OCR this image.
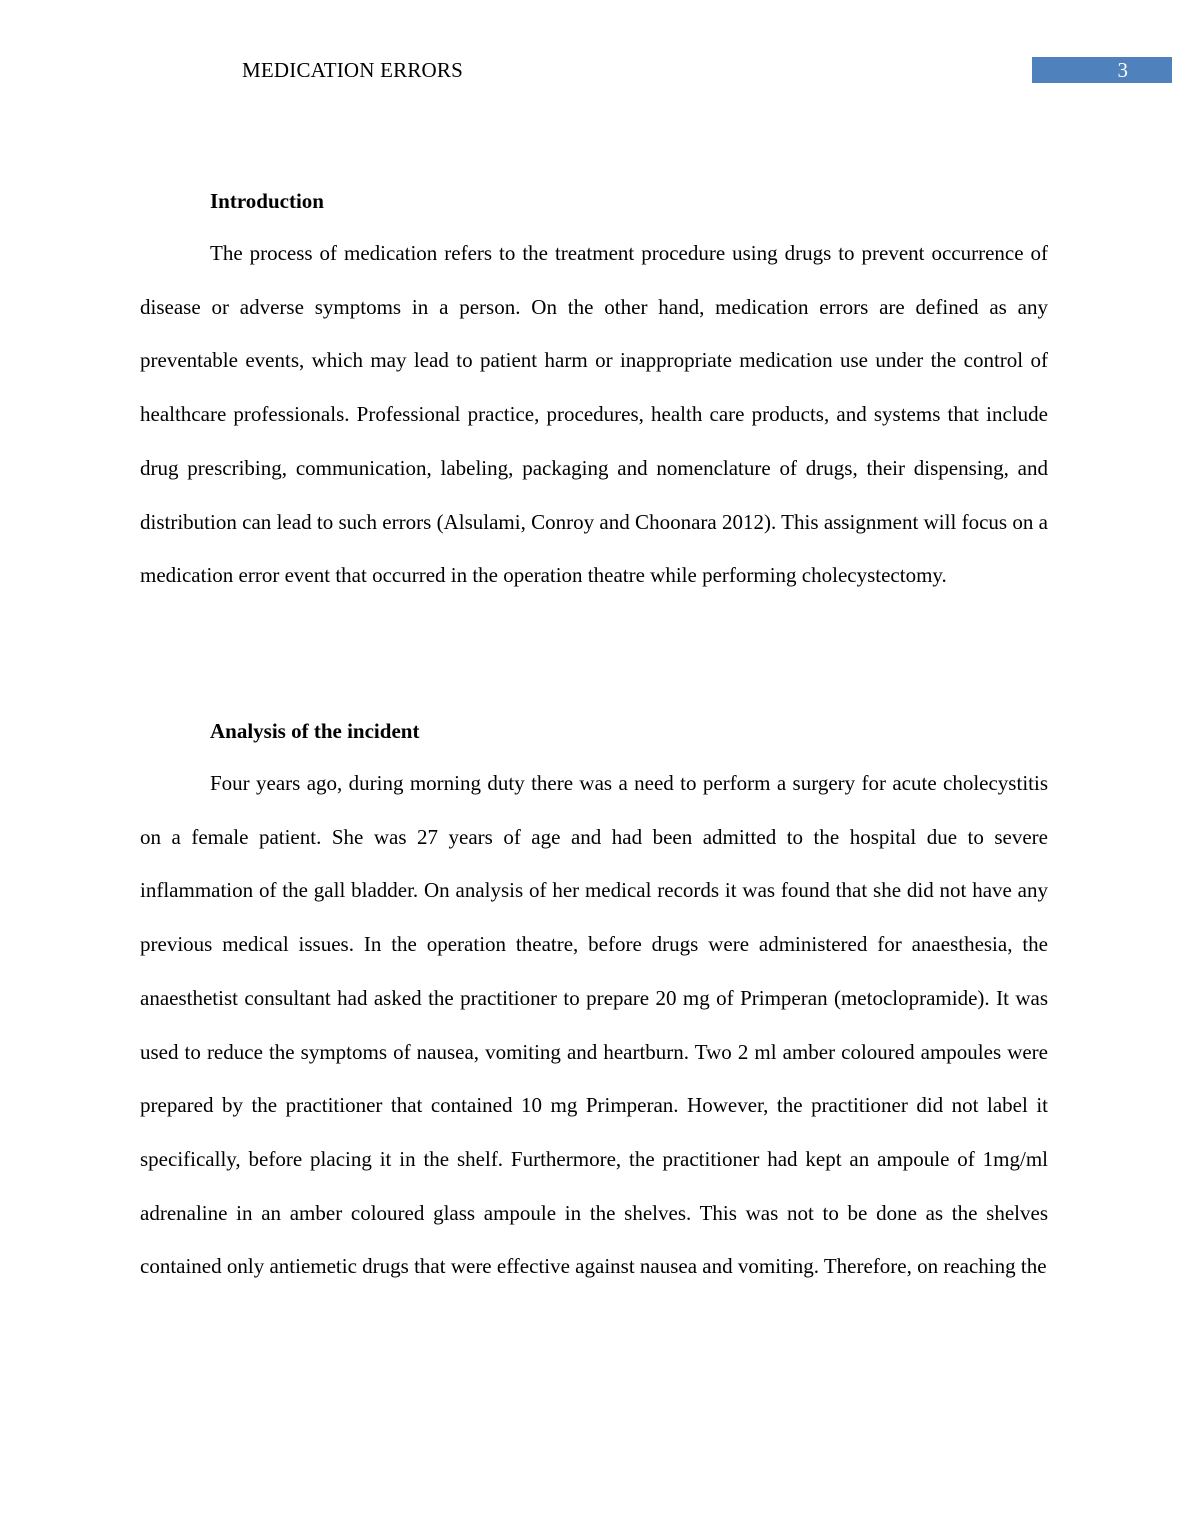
MEDICATION ERRORS	3
Introduction

The process of medication refers to the treatment procedure using drugs to prevent occurrence of disease or adverse symptoms in a person. On the other hand, medication errors are defined as any preventable events, which may lead to patient harm or inappropriate medication use under the control of healthcare professionals. Professional practice, procedures, health care products, and systems that include drug prescribing, communication, labeling, packaging and nomenclature of drugs, their dispensing, and distribution can lead to such errors (Alsulami, Conroy and Choonara 2012). This assignment will focus on a medication error event that occurred in the operation theatre while performing cholecystectomy.

Analysis of the incident

Four years ago, during morning duty there was a need to perform a surgery for acute cholecystitis on a female patient. She was 27 years of age and had been admitted to the hospital due to severe inflammation of the gall bladder. On analysis of her medical records it was found that she did not have any previous medical issues. In the operation theatre, before drugs were administered for anaesthesia, the anaesthetist consultant had asked the practitioner to prepare 20 mg of Primperan (metoclopramide). It was used to reduce the symptoms of nausea, vomiting and heartburn. Two 2 ml amber coloured ampoules were prepared by the practitioner that contained 10 mg Primperan. However, the practitioner did not label it specifically, before placing it in the shelf. Furthermore, the practitioner had kept an ampoule of 1mg/ml adrenaline in an amber coloured glass ampoule in the shelves. This was not to be done as the shelves contained only antiemetic drugs that were effective against nausea and vomiting. Therefore, on reaching the
